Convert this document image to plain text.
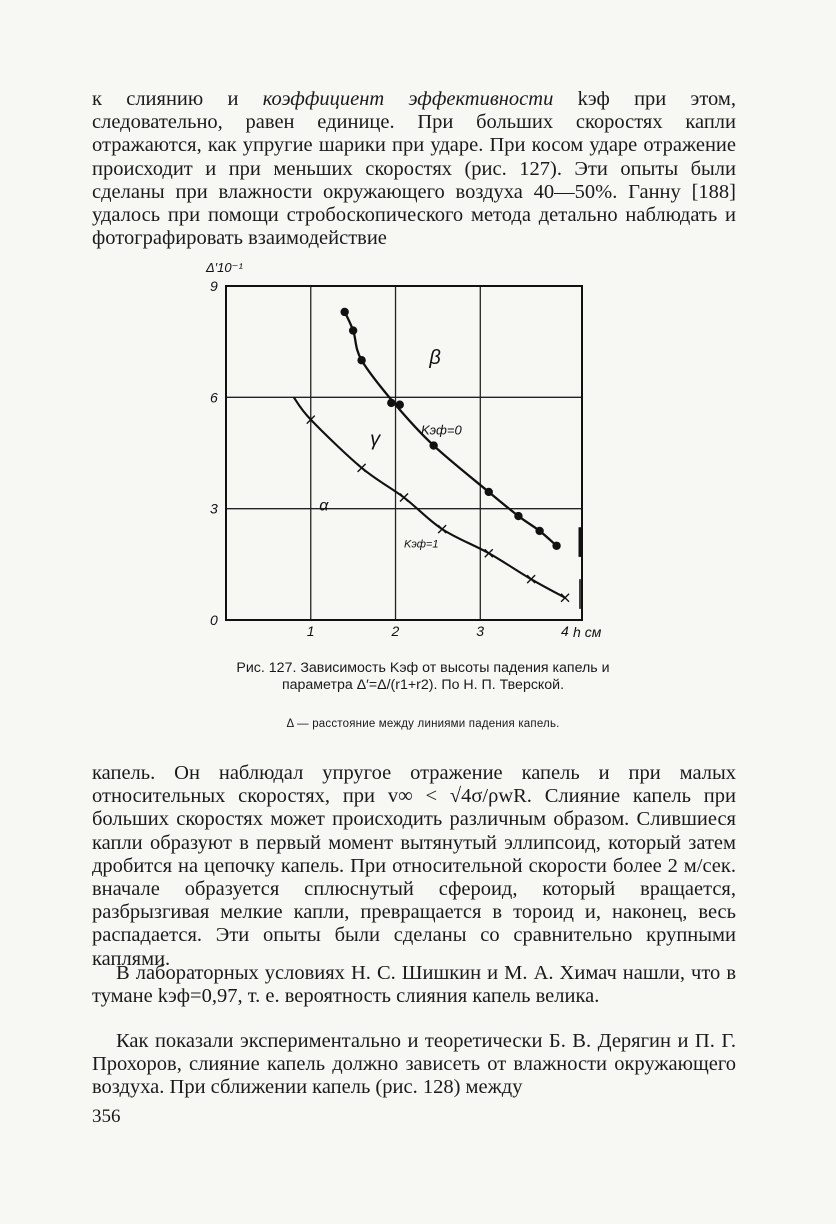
к слиянию и коэффициент эффективности kэф при этом, следовательно, равен единице. При больших скоростях капли отражаются, как упругие шарики при ударе. При косом ударе отражение происходит и при меньших скоростях (рис. 127). Эти опыты были сделаны при влажности окружающего воздуха 40—50%. Ганну [188] удалось при помощи стробоскопического метода детально наблюдать и фотографировать взаимодействие

1	2	3	4
0
3
6
9
Δ′10⁻¹
h см
β
γ
α
Kэф=0
Kэф=1

Рис. 127. Зависимость Kэф от высоты падения капель и параметра Δ′=Δ/(r1+r2). По Н. П. Тверской.

Δ — расстояние между линиями падения капель.

капель. Он наблюдал упругое отражение капель и при малых относительных скоростях, при v∞ < √4σ/ρwR. Слияние капель при больших скоростях может происходить различным образом. Слившиеся капли образуют в первый момент вытянутый эллипсоид, который затем дробится на цепочку капель. При относительной скорости более 2 м/сек. вначале образуется сплюснутый сфероид, который вращается, разбрызгивая мелкие капли, превращается в тороид и, наконец, весь распадается. Эти опыты были сделаны со сравнительно крупными каплями.

В лабораторных условиях Н. С. Шишкин и М. А. Химач нашли, что в тумане kэф=0,97, т. е. вероятность слияния капель велика.

Как показали экспериментально и теоретически Б. В. Дерягин и П. Г. Прохоров, слияние капель должно зависеть от влажности окружающего воздуха. При сближении капель (рис. 128) между

356
